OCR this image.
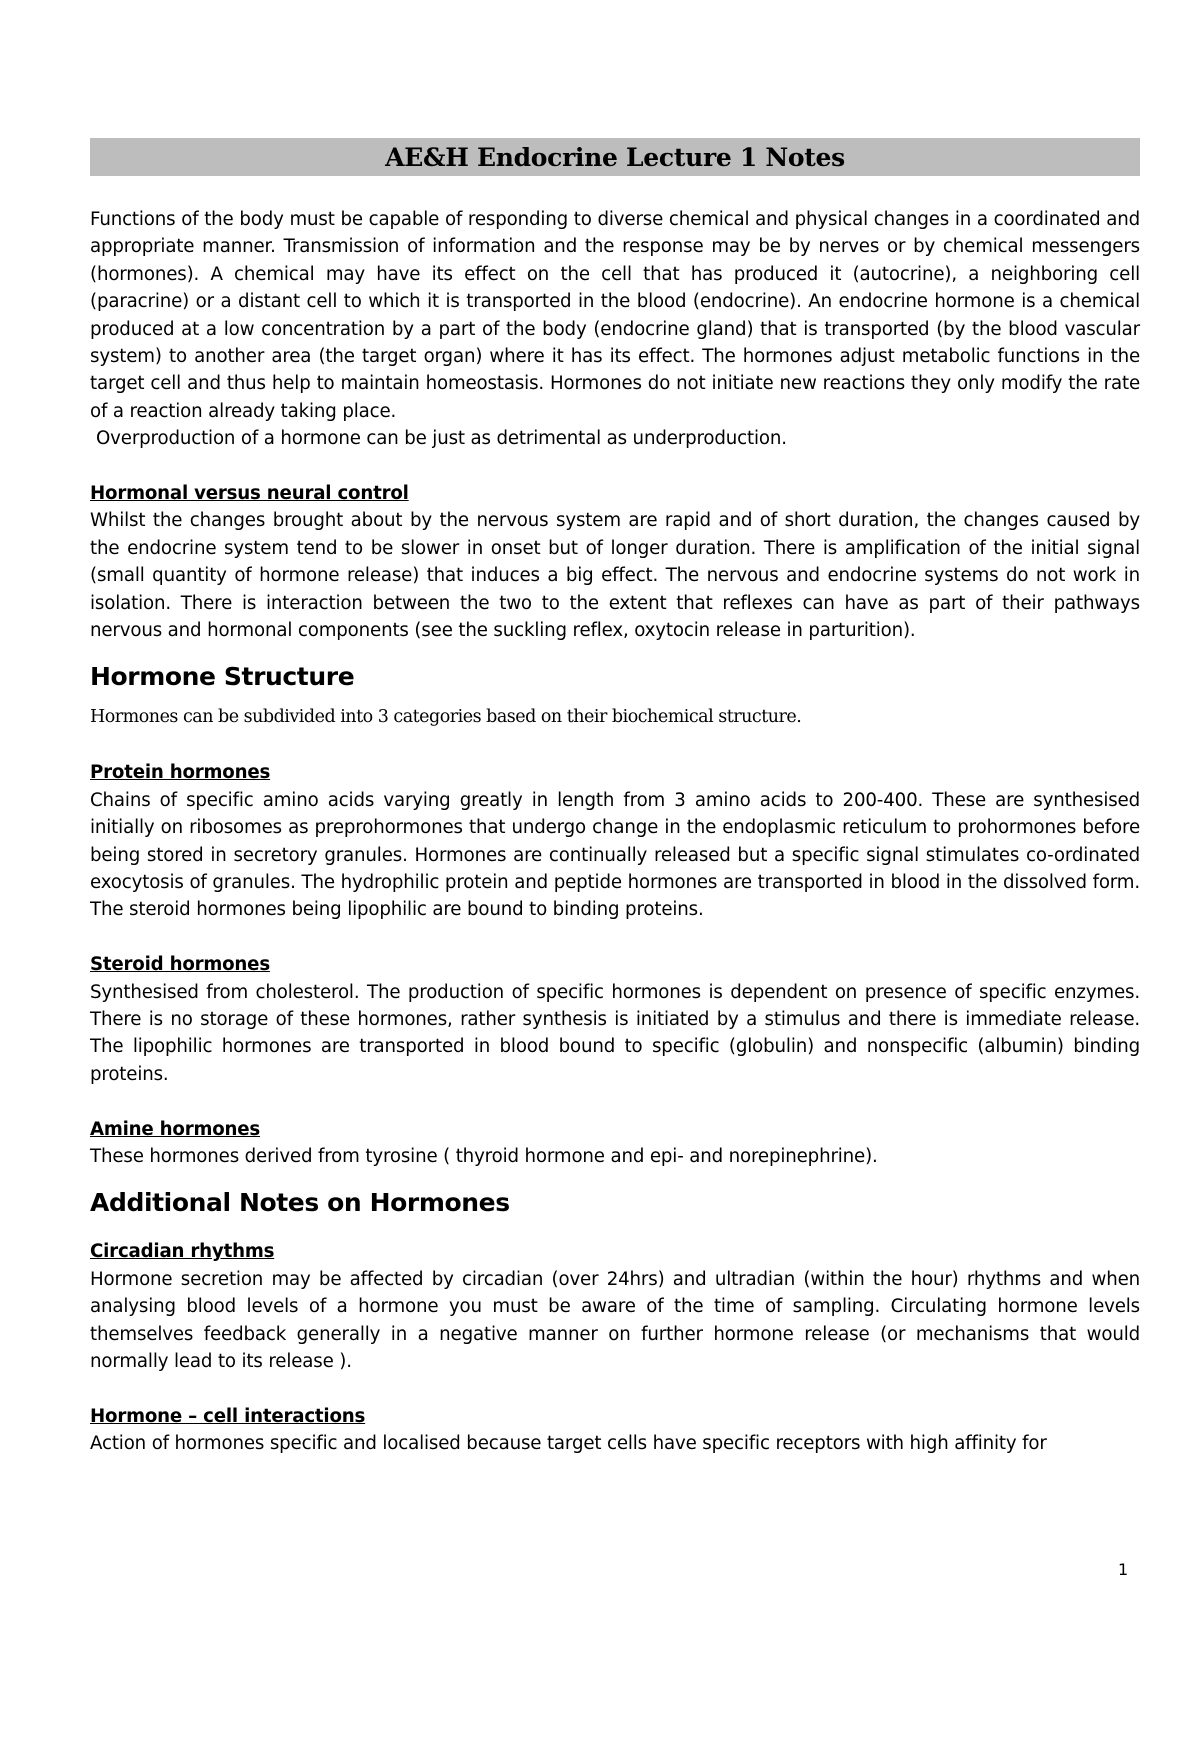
AE&H Endocrine Lecture 1 Notes

Functions of the body must be capable of responding to diverse chemical and physical changes in a coordinated and appropriate manner. Transmission of information and the response may be by nerves or by chemical messengers (hormones). A chemical may have its effect on the cell that has produced it (autocrine), a neighboring cell (paracrine) or a distant cell to which it is transported in the blood (endocrine). An endocrine hormone is a chemical produced at a low concentration by a part of the body (endocrine gland) that is transported (by the blood vascular system) to another area (the target organ) where it has its effect. The hormones adjust metabolic functions in the target cell and thus help to maintain homeostasis. Hormones do not initiate new reactions they only modify the rate of a reaction already taking place.

Overproduction of a hormone can be just as detrimental as underproduction.

Hormonal versus neural control

Whilst the changes brought about by the nervous system are rapid and of short duration, the changes caused by the endocrine system tend to be slower in onset but of longer duration. There is amplification of the initial signal (small quantity of hormone release) that induces a big effect. The nervous and endocrine systems do not work in isolation. There is interaction between the two to the extent that reflexes can have as part of their pathways nervous and hormonal components (see the suckling reflex, oxytocin release in parturition).

Hormone Structure

Hormones can be subdivided into 3 categories based on their biochemical structure.

Protein hormones

Chains of specific amino acids varying greatly in length from 3 amino acids to 200-400. These are synthesised initially on ribosomes as preprohormones that undergo change in the endoplasmic reticulum to prohormones before being stored in secretory granules. Hormones are continually released but a specific signal stimulates co-ordinated exocytosis of granules. The hydrophilic protein and peptide hormones are transported in blood in the dissolved form. The steroid hormones being lipophilic are bound to binding proteins.

Steroid hormones

Synthesised from cholesterol. The production of specific hormones is dependent on presence of specific enzymes. There is no storage of these hormones, rather synthesis is initiated by a stimulus and there is immediate release. The lipophilic hormones are transported in blood bound to specific (globulin) and nonspecific (albumin) binding proteins.

Amine hormones

These hormones derived from tyrosine ( thyroid hormone and epi- and norepinephrine).

Additional Notes on Hormones

Circadian rhythms

Hormone secretion may be affected by circadian (over 24hrs) and ultradian (within the hour) rhythms and when analysing blood levels of a hormone you must be aware of the time of sampling. Circulating hormone levels themselves feedback generally in a negative manner on further hormone release (or mechanisms that would normally lead to its release ).

Hormone – cell interactions

Action of hormones specific and localised because target cells have specific receptors with high affinity for

1
